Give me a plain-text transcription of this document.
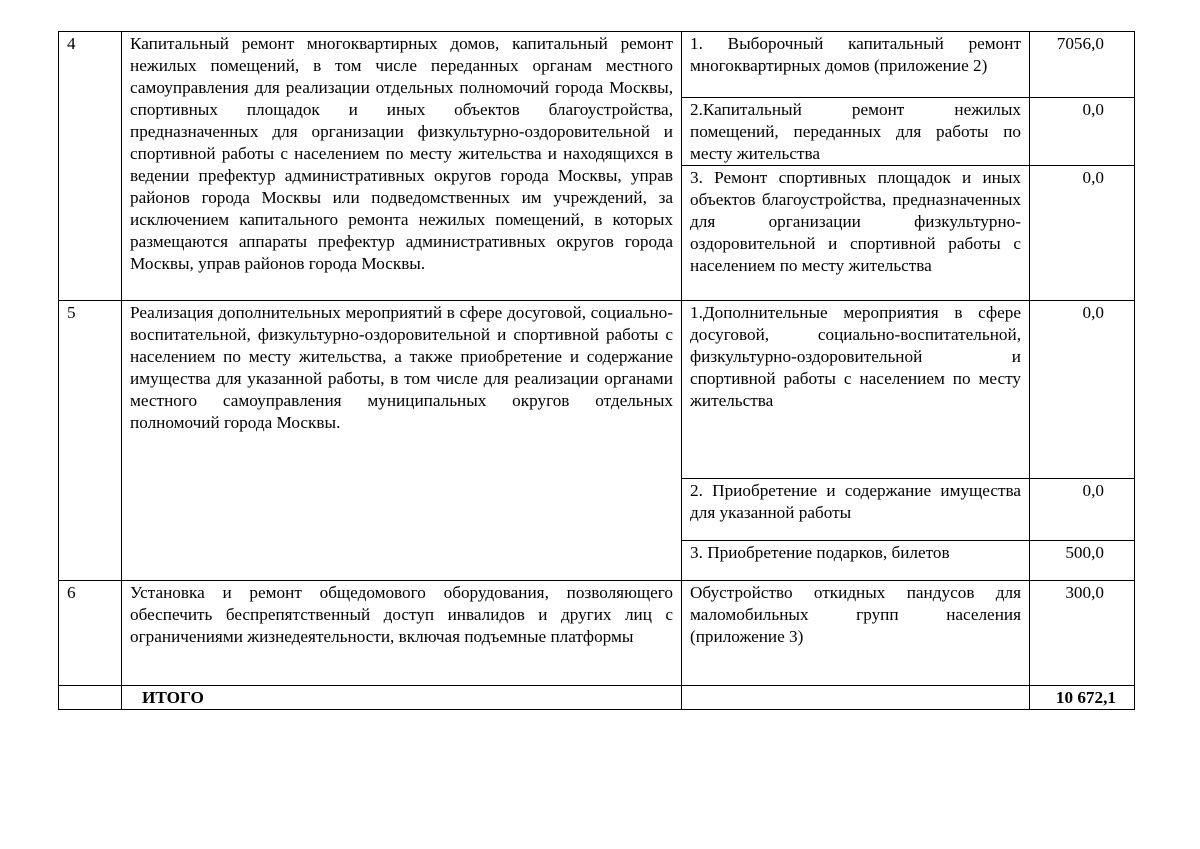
4	Капитальный ремонт многоквартирных домов, капитальный ремонт нежилых помещений, в том числе переданных органам местного самоуправления для реализации отдельных полномочий города Москвы, спортивных площадок и иных объектов благоустройства, предназначенных для организации физкультурно-оздоровительной и спортивной работы с населением по месту жительства и находящихся в ведении префектур административных округов города Москвы, управ районов города Москвы или подведомственных им учреждений, за исключением капитального ремонта нежилых помещений, в которых размещаются аппараты префектур административных округов города Москвы, управ районов города Москвы.	1. Выборочный капитальный ремонт многоквартирных домов (приложение 2)	7056,0
		2.Капитальный ремонт нежилых помещений, переданных для работы по месту жительства	0,0
		3. Ремонт спортивных площадок и иных объектов благоустройства, предназначенных для организации физкультурно-оздоровительной и спортивной работы с населением по месту жительства	0,0
5	Реализация дополнительных мероприятий в сфере досуговой, социально-воспитательной, физкультурно-оздоровительной и спортивной работы с населением по месту жительства, а также приобретение и содержание имущества для указанной работы, в том числе для реализации органами местного самоуправления муниципальных округов отдельных полномочий города Москвы.	1.Дополнительные мероприятия в сфере досуговой, социально-воспитательной, физкультурно-оздоровительной и спортивной работы с населением по месту жительства	0,0
		2. Приобретение и содержание имущества для указанной работы	0,0
		3. Приобретение подарков, билетов	500,0
6	Установка и ремонт общедомового оборудования, позволяющего обеспечить беспрепятственный доступ инвалидов и других лиц с ограничениями жизнедеятельности, включая подъемные платформы	Обустройство откидных пандусов для маломобильных групп населения (приложение 3)	300,0
	ИТОГО		10 672,1
